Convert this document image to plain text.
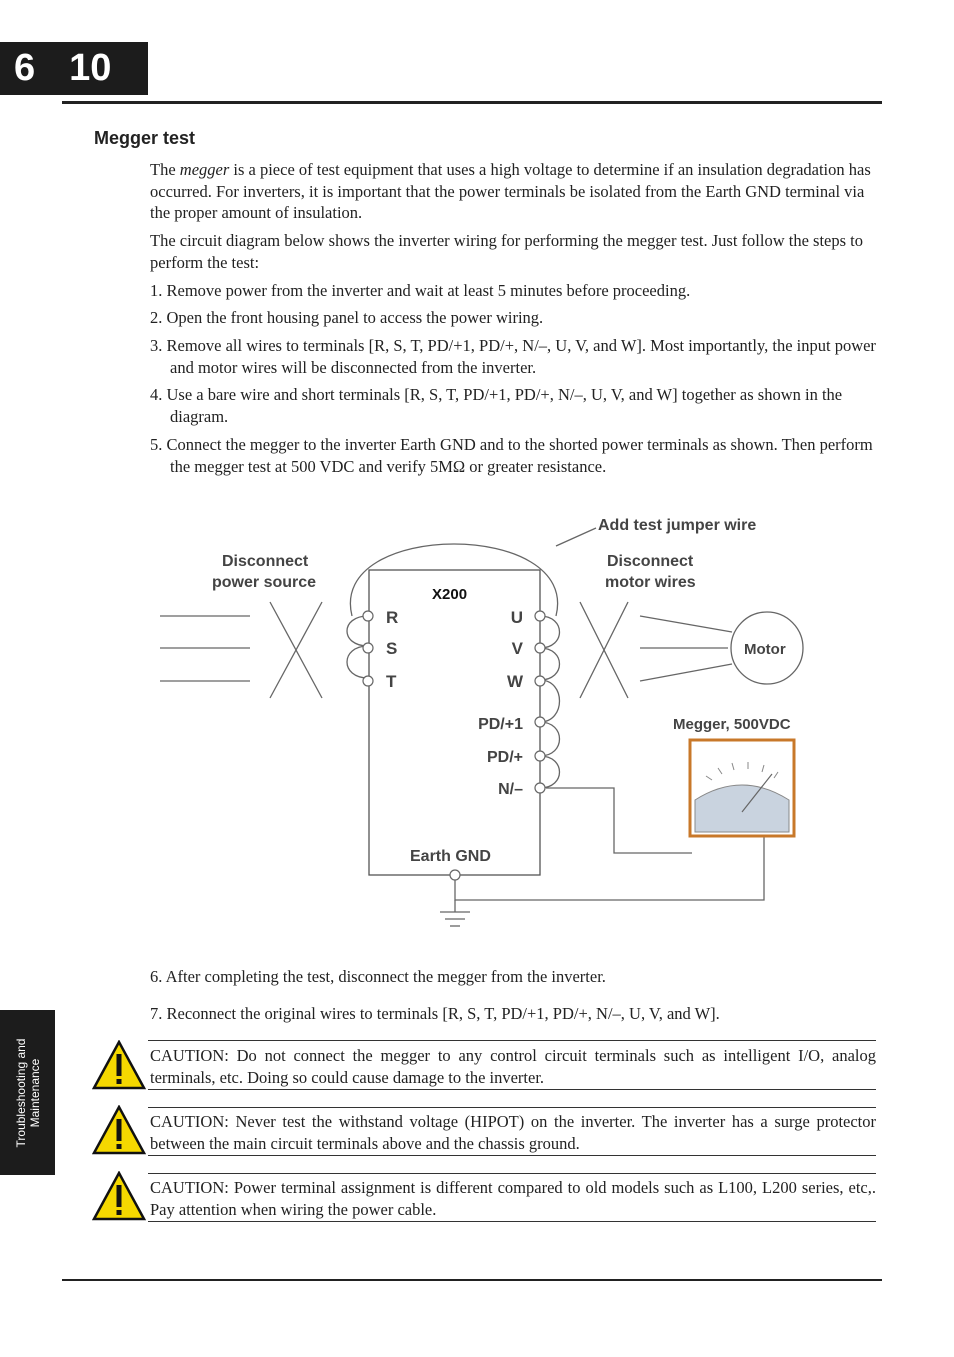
6 10
Megger test
The megger is a piece of test equipment that uses a high voltage to determine if an insulation degradation has occurred. For inverters, it is important that the power terminals be isolated from the Earth GND terminal via the proper amount of insulation.
The circuit diagram below shows the inverter wiring for performing the megger test. Just follow the steps to perform the test:
1. Remove power from the inverter and wait at least 5 minutes before proceeding.
2. Open the front housing panel to access the power wiring.
3. Remove all wires to terminals [R, S, T, PD/+1, PD/+, N/–, U, V, and W]. Most importantly, the input power and motor wires will be disconnected from the inverter.
4. Use a bare wire and short terminals [R, S, T, PD/+1, PD/+, N/–, U, V, and W] together as shown in the diagram.
5. Connect the megger to the inverter Earth GND and to the shorted power terminals as shown. Then perform the megger test at 500 VDC and verify 5MΩ or greater resistance.
Add test jumper wire
Disconnect
power source
Disconnect
motor wires
Motor
Megger, 500VDC
Earth GND
X200
R
S
T
U
V
W
PD/+1
PD/+
N/–
6. After completing the test, disconnect the megger from the inverter.
7. Reconnect the original wires to terminals [R, S, T, PD/+1, PD/+, N/–, U, V, and W].
Troubleshooting and Maintenance
CAUTION: Do not connect the megger to any control circuit terminals such as intelligent I/O, analog terminals, etc. Doing so could cause damage to the inverter.
CAUTION: Never test the withstand voltage (HIPOT) on the inverter. The inverter has a surge protector between the main circuit terminals above and the chassis ground.
CAUTION: Power terminal assignment is different compared to old models such as L100, L200 series, etc,. Pay attention when wiring the power cable.
